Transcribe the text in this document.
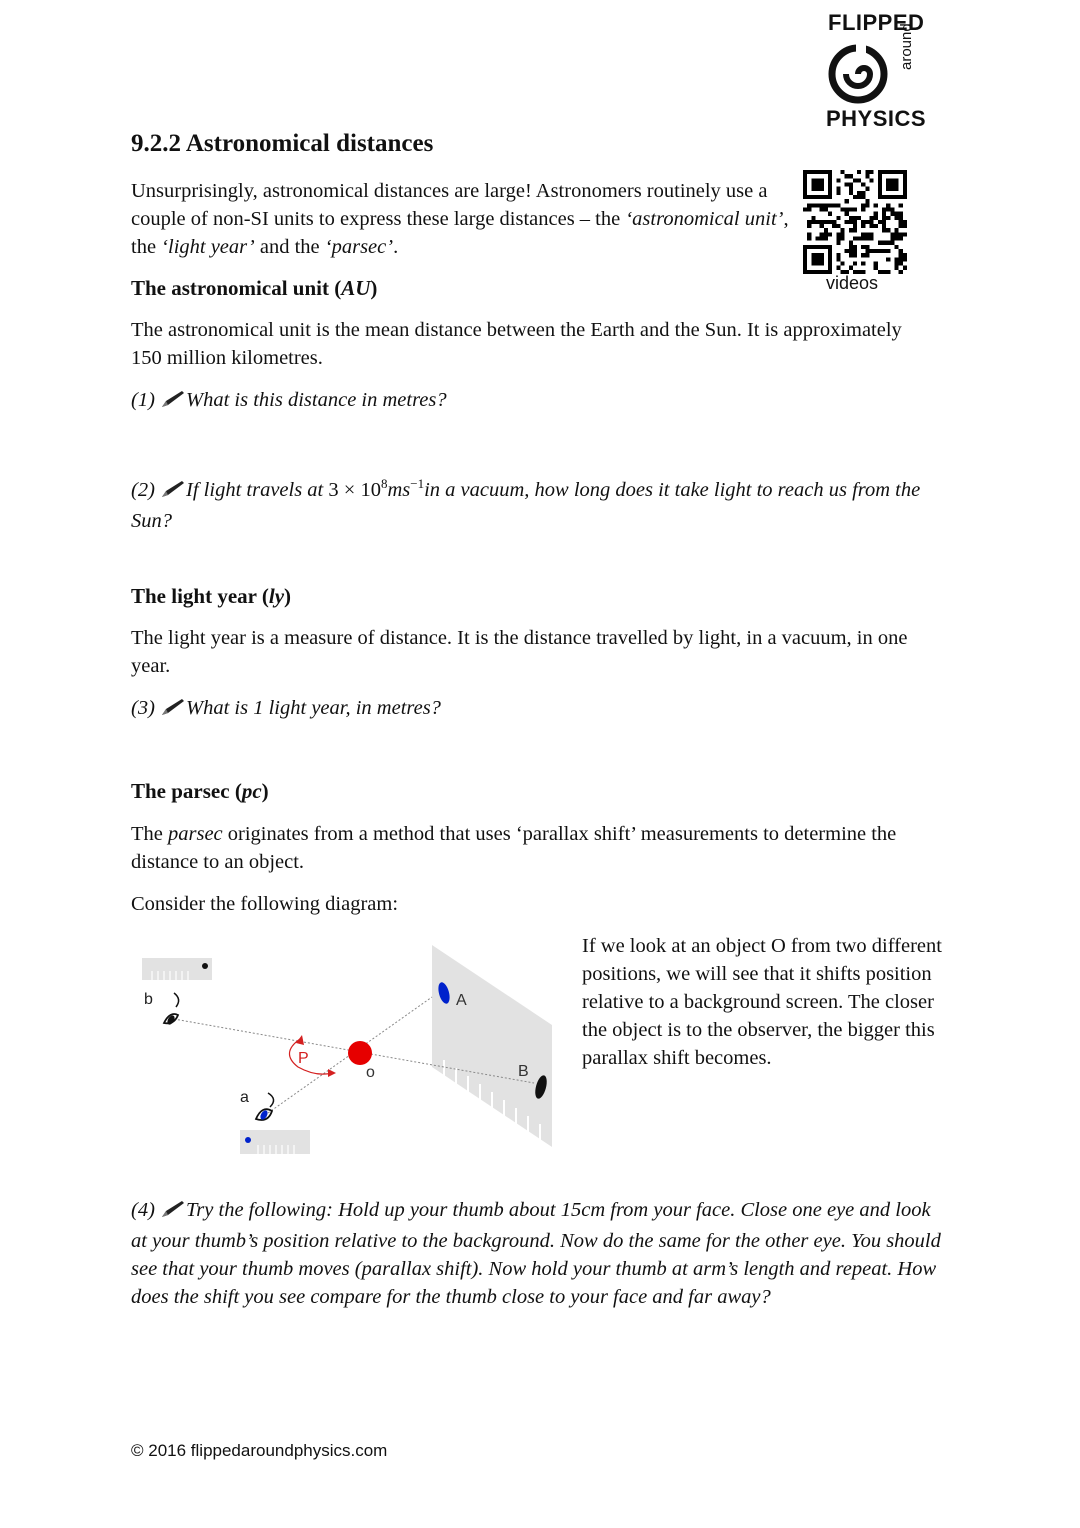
FLIPPED
around
PHYSICS
videos
9.2.2 Astronomical distances

Unsurprisingly, astronomical distances are large! Astronomers routinely use a couple of non-SI units to express these large distances – the ‘astronomical unit’, the ‘light year’ and the ‘parsec’.

The astronomical unit (AU)

The astronomical unit is the mean distance between the Earth and the Sun. It is approximately 150 million kilometres.

(1) What is this distance in metres?

(2) If light travels at $3 \times 10^8ms^{-1}in$ a vacuum, how long does it take light to reach us from the Sun?

The light year (ly)

The light year is a measure of distance. It is the distance travelled by light, in a vacuum, in one year.

(3) What is 1 light year, in metres?

The parsec (pc)

The parsec originates from a method that uses ‘parallax shift’ measurements to determine the distance to an object.

Consider the following diagram:

A
B
b
o
P
a

If we look at an object O from two different positions, we will see that it shifts position relative to a background screen. The closer the object is to the observer, the bigger this parallax shift becomes.

(4) Try the following: Hold up your thumb about 15cm from your face. Close one eye and look at your thumb’s position relative to the background. Now do the same for the other eye. You should see that your thumb moves (parallax shift). Now hold your thumb at arm’s length and repeat. How does the shift you see compare for the thumb close to your face and far away?

© 2016 flippedaroundphysics.com
